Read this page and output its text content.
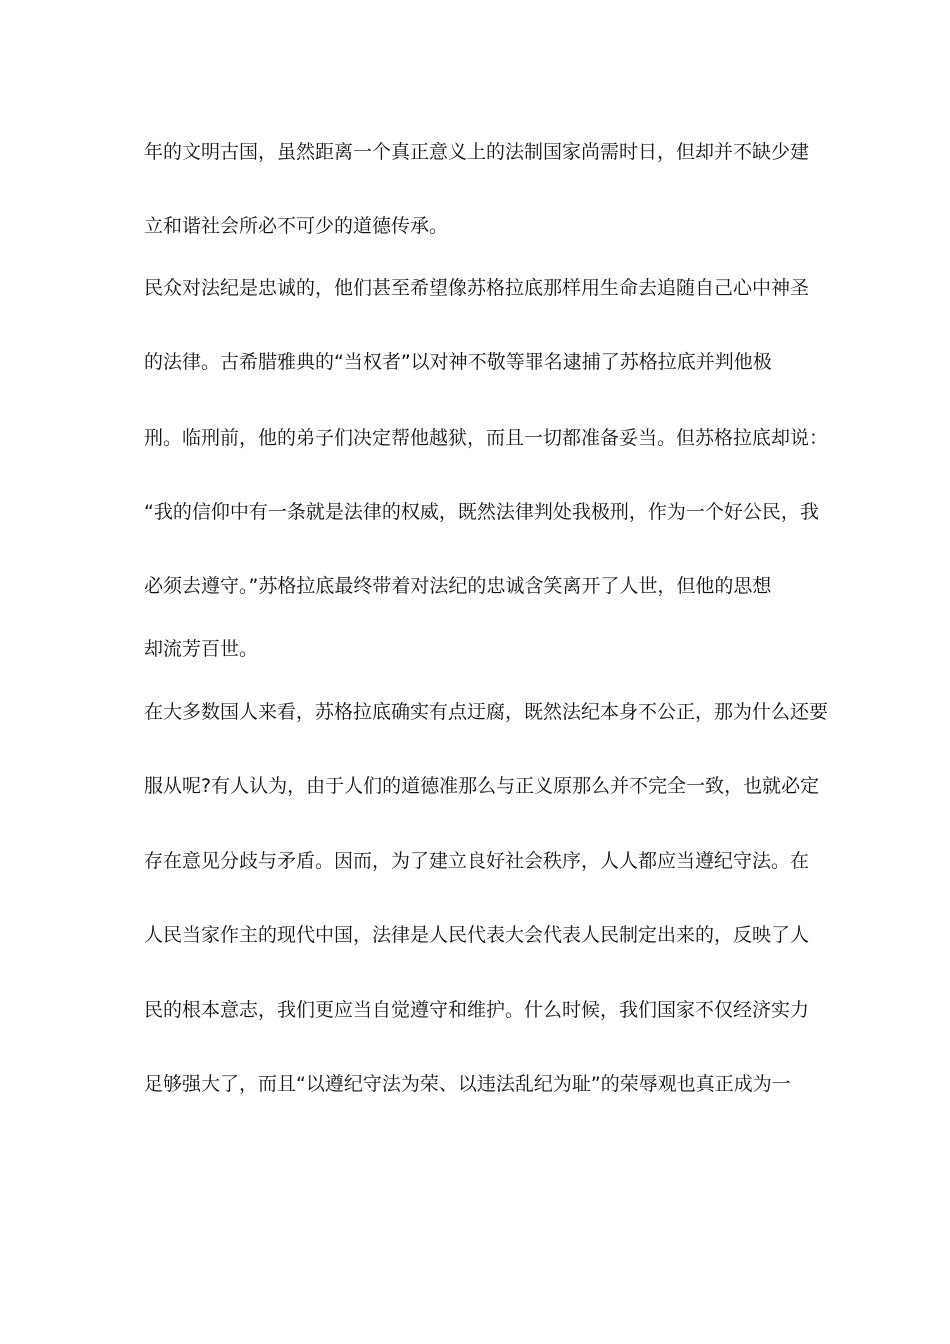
年的文明古国，虽然距离一个真正意义上的法制国家尚需时日，但却并不缺少建

立和谐社会所必不可少的道德传承。

民众对法纪是忠诚的，他们甚至希望像苏格拉底那样用生命去追随自己心中神圣

的法律。古希腊雅典的“当权者”以对神不敬等罪名逮捕了苏格拉底并判他极

刑。临刑前，他的弟子们决定帮他越狱，而且一切都准备妥当。但苏格拉底却说：

“我的信仰中有一条就是法律的权威，既然法律判处我极刑，作为一个好公民，我

必须去遵守。”苏格拉底最终带着对法纪的忠诚含笑离开了人世，但他的思想

却流芳百世。

在大多数国人来看，苏格拉底确实有点迂腐，既然法纪本身不公正，那为什么还要

服从呢?有人认为，由于人们的道德准那么与正义原那么并不完全一致，也就必定

存在意见分歧与矛盾。因而，为了建立良好社会秩序，人人都应当遵纪守法。在

人民当家作主的现代中国，法律是人民代表大会代表人民制定出来的，反映了人

民的根本意志，我们更应当自觉遵守和维护。什么时候，我们国家不仅经济实力

足够强大了，而且“以遵纪守法为荣、以违法乱纪为耻”的荣辱观也真正成为一
